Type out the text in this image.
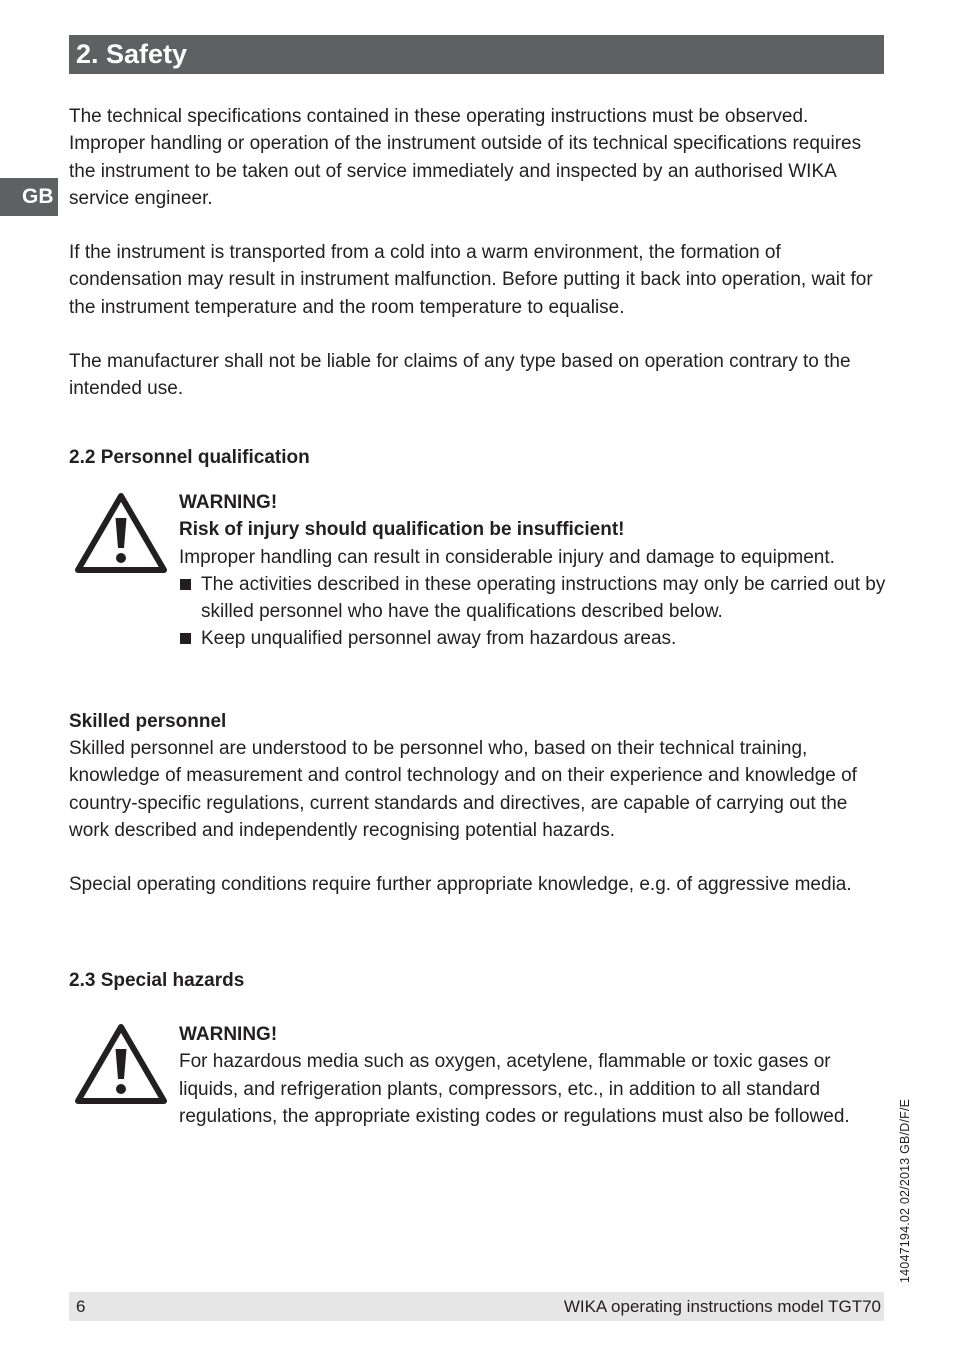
2. Safety
GB

The technical specifications contained in these operating instructions must be observed. Improper handling or operation of the instrument outside of its technical specifications requires the instrument to be taken out of service immediately and inspected by an authorised WIKA service engineer.

If the instrument is transported from a cold into a warm environment, the formation of condensation may result in instrument malfunction. Before putting it back into operation, wait for the instrument temperature and the room temperature to equalise.

The manufacturer shall not be liable for claims of any type based on operation contrary to the intended use.

2.2 Personnel qualification
WARNING!
Risk of injury should qualification be insufficient!
Improper handling can result in considerable injury and damage to equipment.
The activities described in these operating instructions may only be carried out by skilled personnel who have the qualifications described below.
Keep unqualified personnel away from hazardous areas.
Skilled personnel

Skilled personnel are understood to be personnel who, based on their technical training, knowledge of measurement and control technology and on their experience and knowledge of country-specific regulations, current standards and directives, are capable of carrying out the work described and independently recognising potential hazards.

Special operating conditions require further appropriate knowledge, e.g. of aggressive media.

2.3 Special hazards
WARNING!
For hazardous media such as oxygen, acetylene, flammable or toxic gases or liquids, and refrigeration plants, compressors, etc., in addition to all standard regulations, the appropriate existing codes or regulations must also be followed.	14047194.02 02/2013 GB/D/F/E
6	WIKA operating instructions model TGT70
